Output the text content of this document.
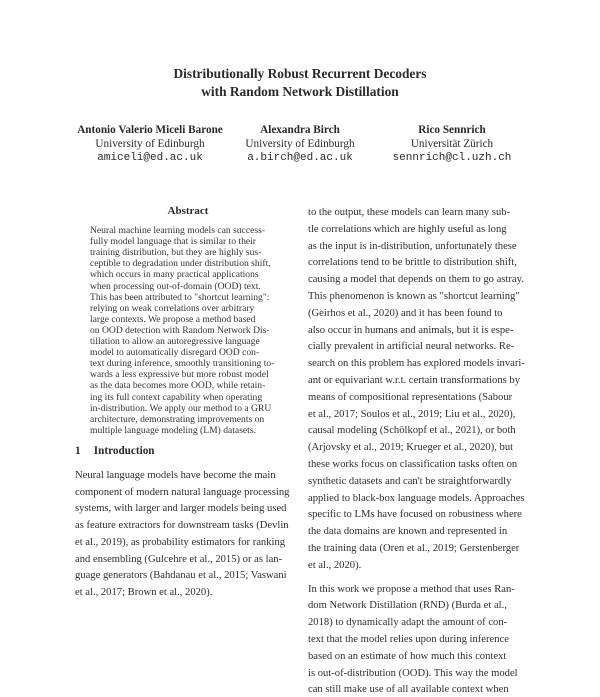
Distributionally Robust Recurrent Decoders
with Random Network Distillation
Antonio Valerio Miceli Barone
University of Edinburgh
amiceli@ed.ac.uk
Alexandra Birch
University of Edinburgh
a.birch@ed.ac.uk
Rico Sennrich
Universität Zürich
sennrich@cl.uzh.ch
Abstract
Neural machine learning models can success-
fully model language that is similar to their
training distribution, but they are highly sus-
ceptible to degradation under distribution shift,
which occurs in many practical applications
when processing out-of-domain (OOD) text.
This has been attributed to "shortcut learning":
relying on weak correlations over arbitrary
large contexts. We propose a method based
on OOD detection with Random Network Dis-
tillation to allow an autoregressive language
model to automatically disregard OOD con-
text during inference, smoothly transitioning to-
wards a less expressive but more robust model
as the data becomes more OOD, while retain-
ing its full context capability when operating
in-distribution. We apply our method to a GRU
architecture, demonstrating improvements on
multiple language modeling (LM) datasets.
1 Introduction
Neural language models have become the main
component of modern natural language processing
systems, with larger and larger models being used
as feature extractors for downstream tasks (Devlin
et al., 2019), as probability estimators for ranking
and ensembling (Gulcehre et al., 2015) or as lan-
guage generators (Bahdanau et al., 2015; Vaswani
et al., 2017; Brown et al., 2020).
to the output, these models can learn many sub-
tle correlations which are highly useful as long
as the input is in-distribution, unfortunately these
correlations tend to be brittle to distribution shift,
causing a model that depends on them to go astray.
This phenomenon is known as "shortcut learning"
(Geirhos et al., 2020) and it has been found to
also occur in humans and animals, but it is espe-
cially prevalent in artificial neural networks. Re-
search on this problem has explored models invari-
ant or equivariant w.r.t. certain transformations by
means of compositional representations (Sabour
et al., 2017; Soulos et al., 2019; Liu et al., 2020),
causal modeling (Schölkopf et al., 2021), or both
(Arjovsky et al., 2019; Krueger et al., 2020), but
these works focus on classification tasks often on
synthetic datasets and can't be straightforwardly
applied to black-box language models. Approaches
specific to LMs have focused on robustness where
the data domains are known and represented in
the training data (Oren et al., 2019; Gerstenberger
et al., 2020).
In this work we propose a method that uses Ran-
dom Network Distillation (RND) (Burda et al.,
2018) to dynamically adapt the amount of con-
text that the model relies upon during inference
based on an estimate of how much this context
is out-of-distribution (OOD). This way the model
can still make use of all available context when
